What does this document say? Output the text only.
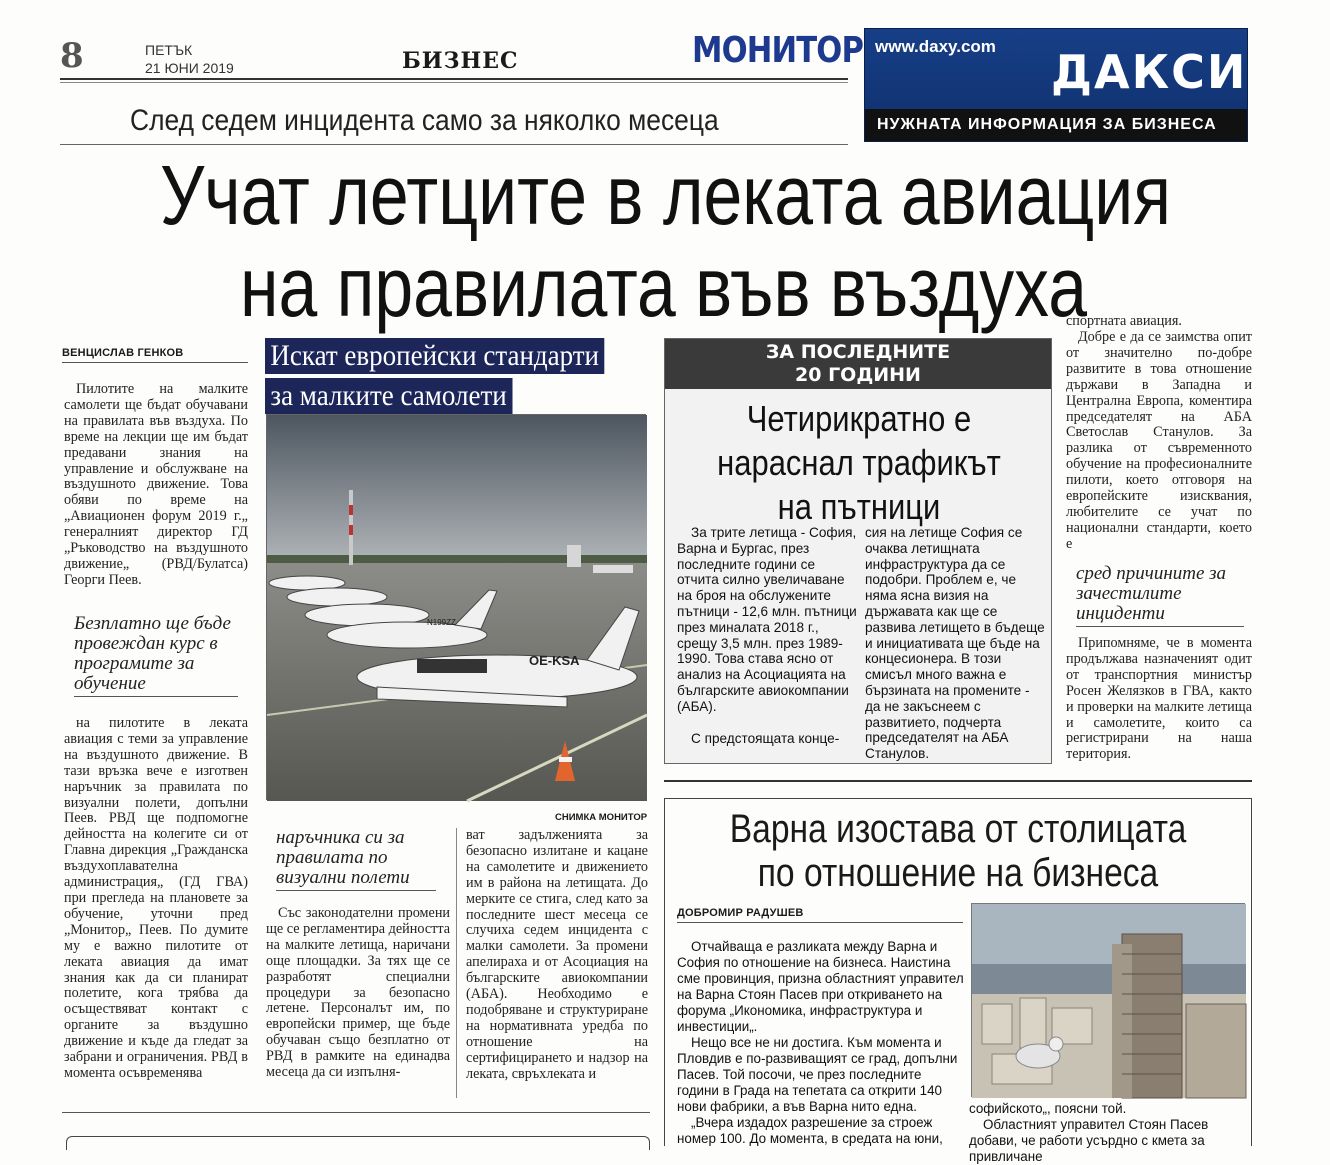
8	ПЕТЪК
21 ЮНИ 2019	БИЗНЕС	МОНИТОР www.daxy.com ДАКСИ
НУЖНАТА ИНФОРМАЦИЯ ЗА БИЗНЕСА
След седем инцидента само за няколко месеца
Учат летците в леката авиация
на правилата във въздуха
ВЕНЦИСЛАВ ГЕНКОВ
Пилотите на малките самолети ще бъдат обучавани на правилата във въздуха. По време на лекции ще им бъдат предавани знания на управление и обслужване на въздушното движение. Това обяви по време на „Авиационен форум 2019 г.„ генералният директор ГД „Ръководство на въздушното движение„ (РВД/Булатса) Георги Пеев.
Безплатно ще бъде провеждан курс в програмите за обучение
на пилотите в леката авиация с теми за управление на въздушното движение. В тази връзка вече е изготвен наръчник за правилата по визуални полети, допълни Пеев. РВД ще подпомогне дейността на колегите си от Главна дирекция „Гражданска въздухоплавателна администрация„ (ГД ГВА) при прегледа на плановете за обучение, уточни пред „Монитор„ Пеев. По думите му е важно пилотите от леката авиация да имат знания как да си планират полетите, кога трябва да осъществяват контакт с органите за въздушно движение и къде да гледат за забрани и ограничения. РВД в момента осъвременява
Искат европейски стандарти
за малките самолети
OE-KSA
N199ZZ
СНИМКА МОНИТОР
наръчника си за правилата по визуални полети
Със законодателни промени ще се регламентира дейността на малките летища, наричани още площадки. За тях ще се разработят специални процедури за безопасно летене. Персоналът им, по европейски пример, ще бъде обучаван също безплатно от РВД в рамките на единадва месеца да си изпълня-
ват задълженията за безопасно излитане и кацане на самолетите и движението им в района на летищата. До мерките се стига, след като за последните шест месеца се случиха седем инцидента с малки самолети. За промени апелираха и от Асоциация на българските авиокомпании (АБА). Необходимо е подобряване и структуриране на нормативната уредба по отношение на сертифицирането и надзор на леката, свръхлеката и
ЗА ПОСЛЕДНИТЕ
20 ГОДИНИ
Четирикратно е нараснал трафикът на пътници
За трите летища - София, Варна и Бургас, през последните години се отчита силно увеличаване на броя на обслужените пътници - 12,6 млн. пътници през миналата 2018 г., срещу 3,5 млн. през 1989-1990. Това става ясно от анализ на Асоциацията на българските авиокомпании (АБА).
С предстоящата конце-
сия на летище София се очаква летищната инфраструктура да се подобри. Проблем е, че няма ясна визия на държавата как ще се развива летището в бъдеще и инициативата ще бъде на концесионера. В този смисъл много важна е бързината на промените - да не закъснеем с развитието, подчерта председателят на АБА Станулов.
спортната авиация.
Добре е да се заимства опит от значително по-добре развитите в това отношение държави в Западна и Централна Европа, коментира председателят на АБА Светослав Станулов. За разлика от съвременното обучение на професионалните пилоти, което отговоря на европейските изисквания, любителите се учат по национални стандарти, което е
сред причините за зачестилите инциденти
Припомняме, че в момента продължава назначеният одит от транспортния министър Росен Желязков в ГВА, както и проверки на малките летища и самолетите, които са регистрирани на наша територия.
Варна изостава от столицата
по отношение на бизнеса
ДОБРОМИР РАДУШЕВ
Отчайваща е разликата между Варна и София по отношение на бизнеса. Наистина сме провинция, призна областният управител на Варна Стоян Пасев при откриването на форума „Икономика, инфраструктура и инвестиции„.
Нещо все не ни достига. Към момента и Пловдив е по-развиващият се град, допълни Пасев. Той посочи, че през последните години в Града на тепетата са открити 140 нови фабрики, а във Варна нито една.
„Вчера издадох разрешение за строеж номер 100. До момента, в средата на юни,
софийското„, поясни той.
Областният управител Стоян Пасев добави, че работи усърдно с кмета за привличане
